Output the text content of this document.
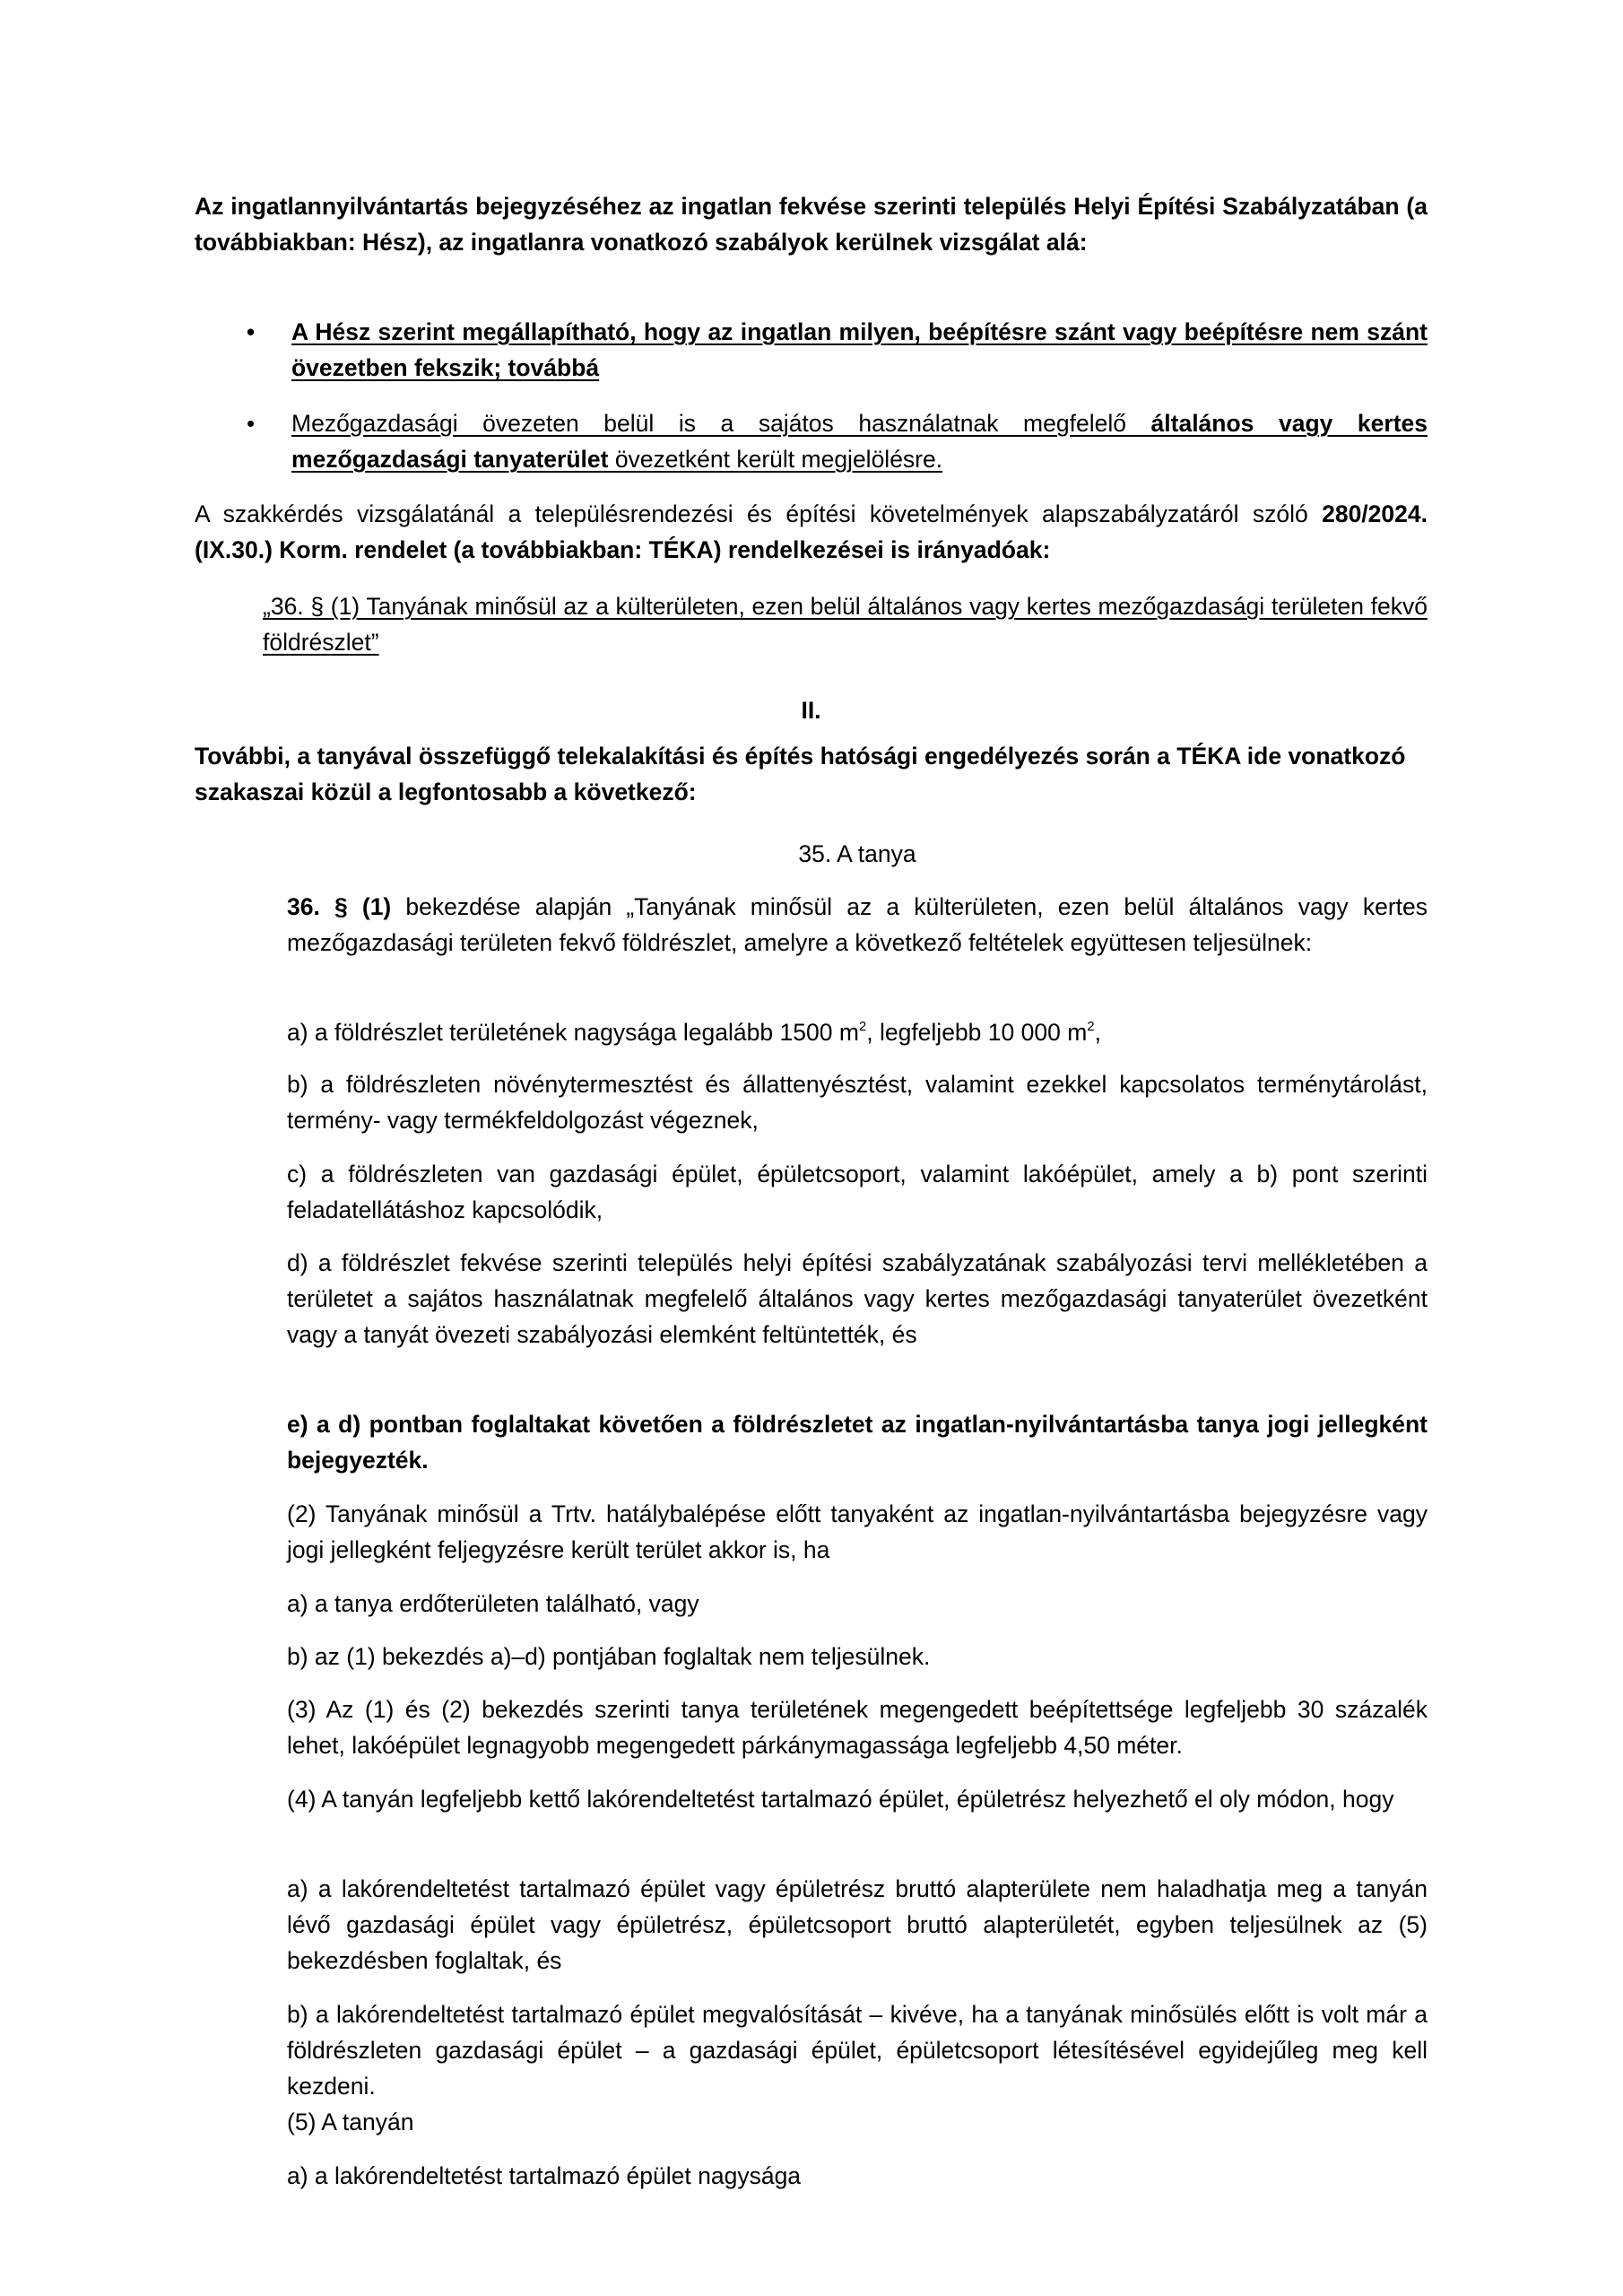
Az ingatlannyilvántartás bejegyzéséhez az ingatlan fekvése szerinti település Helyi Építési Szabályzatában (a továbbiakban: Hész), az ingatlanra vonatkozó szabályok kerülnek vizsgálat alá:

• A Hész szerint megállapítható, hogy az ingatlan milyen, beépítésre szánt vagy beépítésre nem szánt övezetben fekszik; továbbá
• Mezőgazdasági övezeten belül is a sajátos használatnak megfelelő általános vagy kertes mezőgazdasági tanyaterület övezetként került megjelölésre.

A szakkérdés vizsgálatánál a településrendezési és építési követelmények alapszabályzatáról szóló 280/2024. (IX.30.) Korm. rendelet (a továbbiakban: TÉKA) rendelkezései is irányadóak:

„36. § (1) Tanyának minősül az a külterületen, ezen belül általános vagy kertes mezőgazdasági területen fekvő földrészlet”

II.

További, a tanyával összefüggő telekalakítási és építés hatósági engedélyezés során a TÉKA ide vonatkozó szakaszai közül a legfontosabb a következő:

35. A tanya

36. § (1) bekezdése alapján „Tanyának minősül az a külterületen, ezen belül általános vagy kertes mezőgazdasági területen fekvő földrészlet, amelyre a következő feltételek együttesen teljesülnek:

a) a földrészlet területének nagysága legalább 1500 $m^2$, legfeljebb 10 000 $m^2$,

b) a földrészleten növénytermesztést és állattenyésztést, valamint ezekkel kapcsolatos terménytárolást, termény- vagy termékfeldolgozást végeznek,

c) a földrészleten van gazdasági épület, épületcsoport, valamint lakóépület, amely a b) pont szerinti feladatellátáshoz kapcsolódik,

d) a földrészlet fekvése szerinti település helyi építési szabályzatának szabályozási tervi mellékletében a területet a sajátos használatnak megfelelő általános vagy kertes mezőgazdasági tanyaterület övezetként vagy a tanyát övezeti szabályozási elemként feltüntették, és

e) a d) pontban foglaltakat követően a földrészletet az ingatlan-nyilvántartásba tanya jogi jellegként bejegyezték.

(2) Tanyának minősül a Trtv. hatálybalépése előtt tanyaként az ingatlan-nyilvántartásba bejegyzésre vagy jogi jellegként feljegyzésre került terület akkor is, ha

a) a tanya erdőterületen található, vagy

b) az (1) bekezdés a)–d) pontjában foglaltak nem teljesülnek.

(3) Az (1) és (2) bekezdés szerinti tanya területének megengedett beépítettsége legfeljebb 30 százalék lehet, lakóépület legnagyobb megengedett párkánymagassága legfeljebb 4,50 méter.

(4) A tanyán legfeljebb kettő lakórendeltetést tartalmazó épület, épületrész helyezhető el oly módon, hogy

a) a lakórendeltetést tartalmazó épület vagy épületrész bruttó alapterülete nem haladhatja meg a tanyán lévő gazdasági épület vagy épületrész, épületcsoport bruttó alapterületét, egyben teljesülnek az (5) bekezdésben foglaltak, és

b) a lakórendeltetést tartalmazó épület megvalósítását – kivéve, ha a tanyának minősülés előtt is volt már a földrészleten gazdasági épület – a gazdasági épület, épületcsoport létesítésével egyidejűleg meg kell kezdeni.

(5) A tanyán

a) a lakórendeltetést tartalmazó épület nagysága
